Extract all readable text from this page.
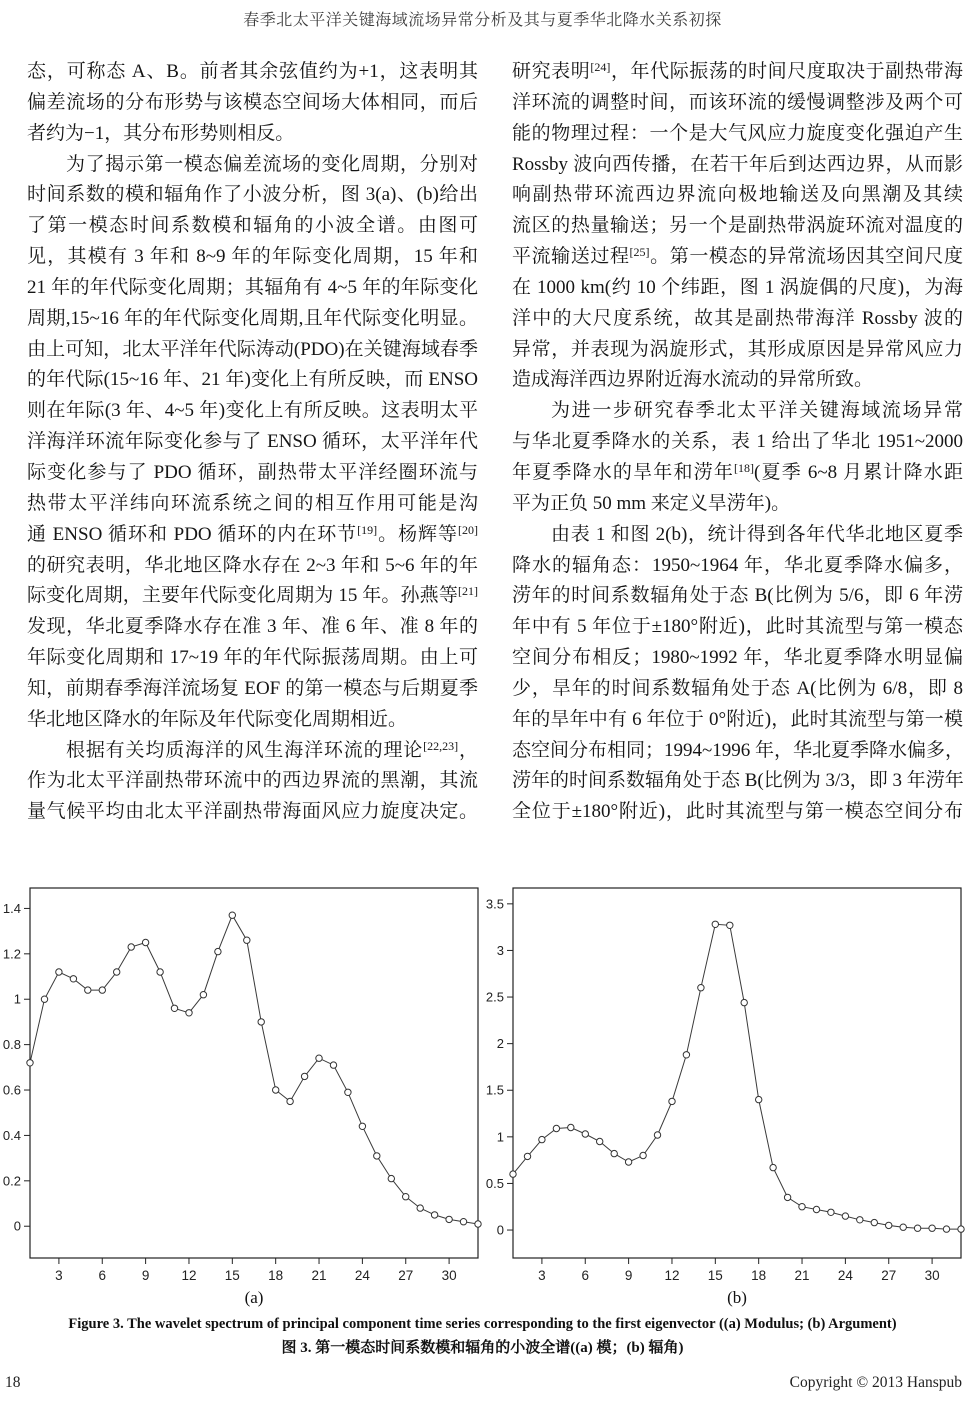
春季北太平洋关键海域流场异常分析及其与夏季华北降水关系初探
态，可称态 A、B。前者其余弦值约为+1，这表明其
偏差流场的分布形势与该模态空间场大体相同，而后
者约为−1，其分布形势则相反。
为了揭示第一模态偏差流场的变化周期，分别对
时间系数的模和辐角作了小波分析，图 3(a)、(b)给出
了第一模态时间系数模和辐角的小波全谱。由图可
见，其模有 3 年和 8~9 年的年际变化周期，15 年和
21 年的年代际变化周期；其辐角有 4~5 年的年际变化
周期,15~16 年的年代际变化周期,且年代际变化明显。
由上可知，北太平洋年代际涛动(PDO)在关键海域春季
的年代际(15~16 年、21 年)变化上有所反映，而 ENSO
则在年际(3 年、4~5 年)变化上有所反映。这表明太平
洋海洋环流年际变化参与了 ENSO 循环，太平洋年代
际变化参与了 PDO 循环，副热带太平洋经圈环流与
热带太平洋纬向环流系统之间的相互作用可能是沟
通 ENSO 循环和 PDO 循环的内在环节[19]。杨辉等[20]
的研究表明，华北地区降水存在 2~3 年和 5~6 年的年
际变化周期，主要年代际变化周期为 15 年。孙燕等[21]
发现，华北夏季降水存在准 3 年、准 6 年、准 8 年的
年际变化周期和 17~19 年的年代际振荡周期。由上可
知，前期春季海洋流场复 EOF 的第一模态与后期夏季
华北地区降水的年际及年代际变化周期相近。
根据有关均质海洋的风生海洋环流的理论[22,23]，
作为北太平洋副热带环流中的西边界流的黑潮，其流
量气候平均由北太平洋副热带海面风应力旋度决定。
研究表明[24]，年代际振荡的时间尺度取决于副热带海
洋环流的调整时间，而该环流的缓慢调整涉及两个可
能的物理过程：一个是大气风应力旋度变化强迫产生
Rossby 波向西传播，在若干年后到达西边界，从而影
响副热带环流西边界流向极地输送及向黑潮及其续
流区的热量输送；另一个是副热带涡旋环流对温度的
平流输送过程[25]。第一模态的异常流场因其空间尺度
在 1000 km(约 10 个纬距，图 1 涡旋偶的尺度)，为海
洋中的大尺度系统，故其是副热带海洋 Rossby 波的
异常，并表现为涡旋形式，其形成原因是异常风应力
造成海洋西边界附近海水流动的异常所致。
为进一步研究春季北太平洋关键海域流场异常
与华北夏季降水的关系，表 1 给出了华北 1951~2000
年夏季降水的旱年和涝年[18](夏季 6~8 月累计降水距
平为正负 50 mm 来定义旱涝年)。
由表 1 和图 2(b)，统计得到各年代华北地区夏季
降水的辐角态：1950~1964 年，华北夏季降水偏多，
涝年的时间系数辐角处于态 B(比例为 5/6，即 6 年涝
年中有 5 年位于±180°附近)，此时其流型与第一模态
空间分布相反；1980~1992 年，华北夏季降水明显偏
少，旱年的时间系数辐角处于态 A(比例为 6/8，即 8
年的旱年中有 6 年位于 0°附近)，此时其流型与第一模
态空间分布相同；1994~1996 年，华北夏季降水偏多，
涝年的时间系数辐角处于态 B(比例为 3/3，即 3 年涝年
全位于±180°附近)，此时其流型与第一模态空间分布
0
0.2
0.4
0.6
0.8
1
1.2
1.4
3	6	9 12 15 18 21 24 27 30
(a)
0
0.5
1
1.5
2
2.5
3
3.5
3	6	9 12 15 18 21 24 27 30
(b)
Figure 3. The wavelet spectrum of principal component time series corresponding to the first eigenvector ((a) Modulus; (b) Argument)
图 3. 第一模态时间系数模和辐角的小波全谱((a) 模；(b) 辐角)
18	Copyright © 2013 Hanspub
